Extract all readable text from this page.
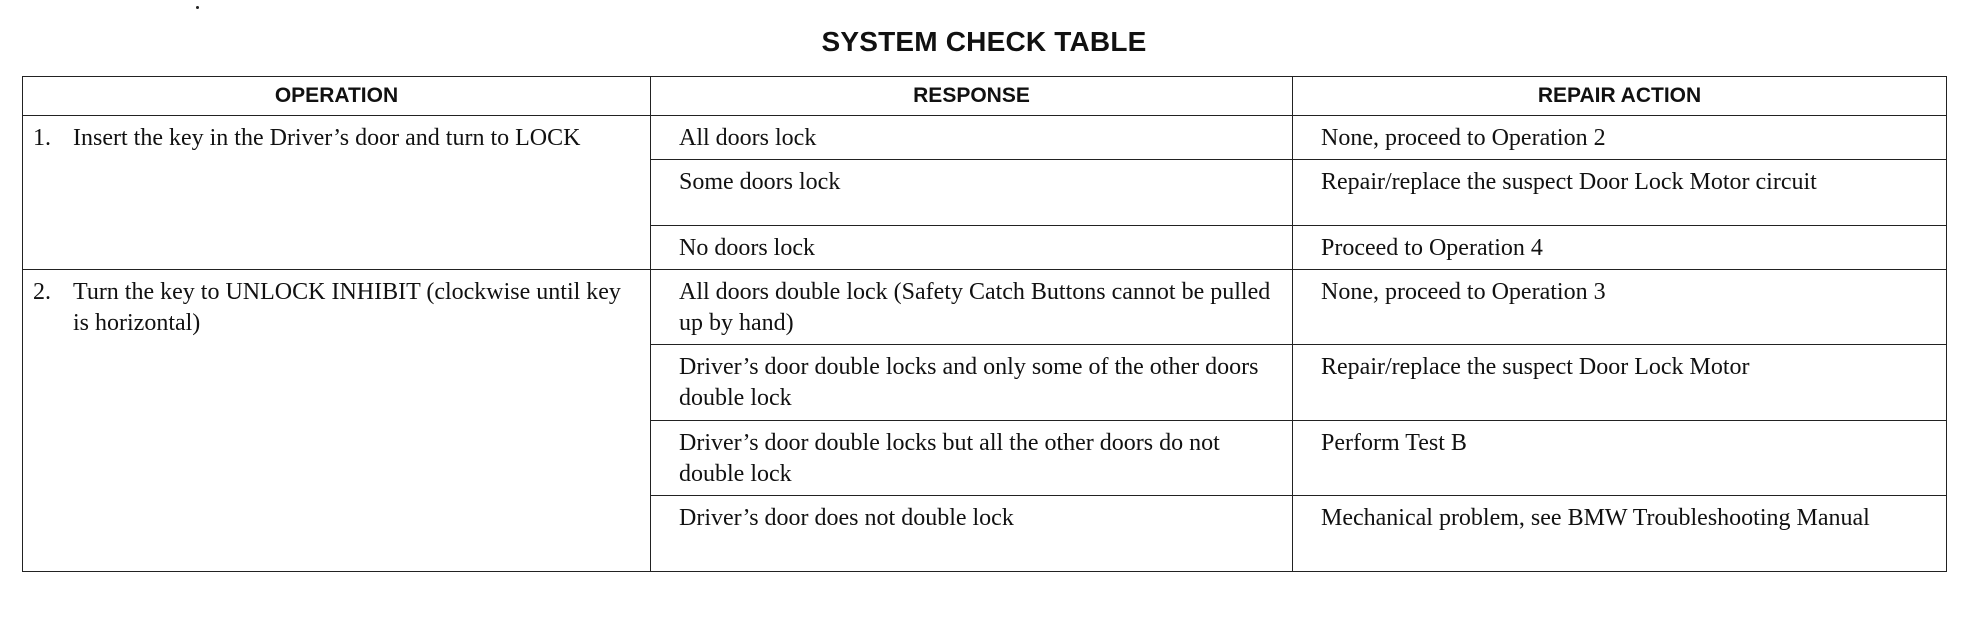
SYSTEM CHECK TABLE
OPERATION	RESPONSE	REPAIR ACTION

1. Insert the key in the Driver’s door and turn to LOCK	All doors lock	None, proceed to Operation 2
	Some doors lock	Repair/replace the suspect Door Lock Motor circuit
	No doors lock	Proceed to Operation 4

2. Turn the key to UNLOCK INHIBIT (clockwise until key is horizontal)	All doors double lock (Safety Catch Buttons cannot be pulled up by hand)	None, proceed to Operation 3
	Driver’s door double locks and only some of the other doors double lock	Repair/replace the suspect Door Lock Motor
	Driver’s door double locks but all the other doors do not double lock	Perform Test B
	Driver’s door does not double lock	Mechanical problem, see BMW Troubleshooting Manual
